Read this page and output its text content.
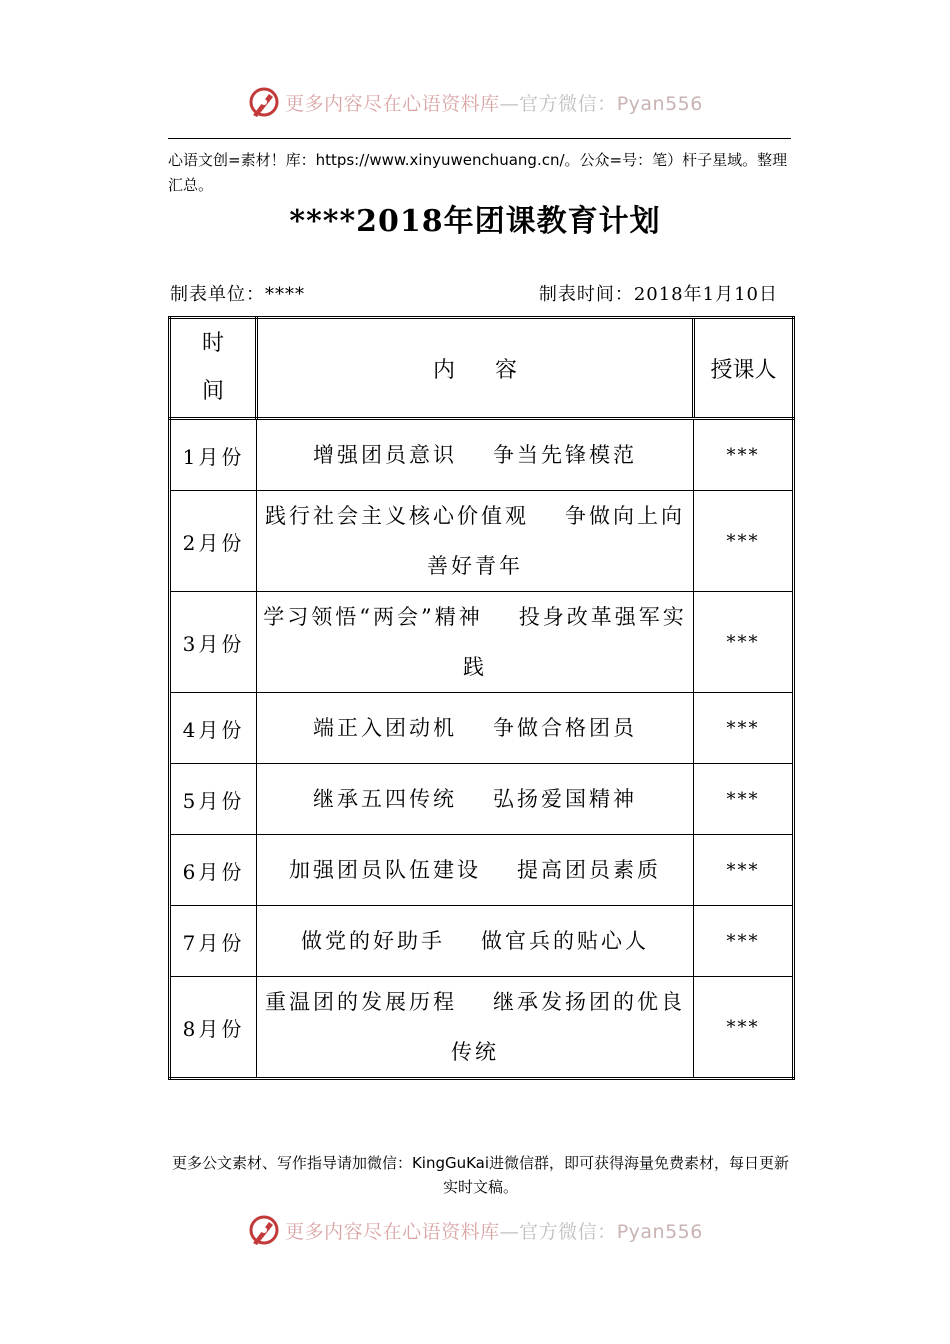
更多内容尽在心语资料库—官方微信：Pyan556
心语文创=素材！库：https://www.xinyuwenchuang.cn/。公众=号：笔）杆子星域。整理汇总。
****2018年团课教育计划
制表单位：****	制表时间：2018年1月10日
时
间	内容	授课人
1月份	增强团员意识 争当先锋模范	***
2月份	践行社会主义核心价值观 争做向上向善好青年	***
3月份	学习领悟“两会”精神 投身改革强军实践	***
4月份	端正入团动机 争做合格团员	***
5月份	继承五四传统 弘扬爱国精神	***
6月份	加强团员队伍建设 提高团员素质	***
7月份	做党的好助手 做官兵的贴心人	***
8月份	重温团的发展历程 继承发扬团的优良传统	***
更多公文素材、写作指导请加微信：KingGuKai进微信群，即可获得海量免费素材，每日更新实时文稿。
更多内容尽在心语资料库—官方微信：Pyan556
